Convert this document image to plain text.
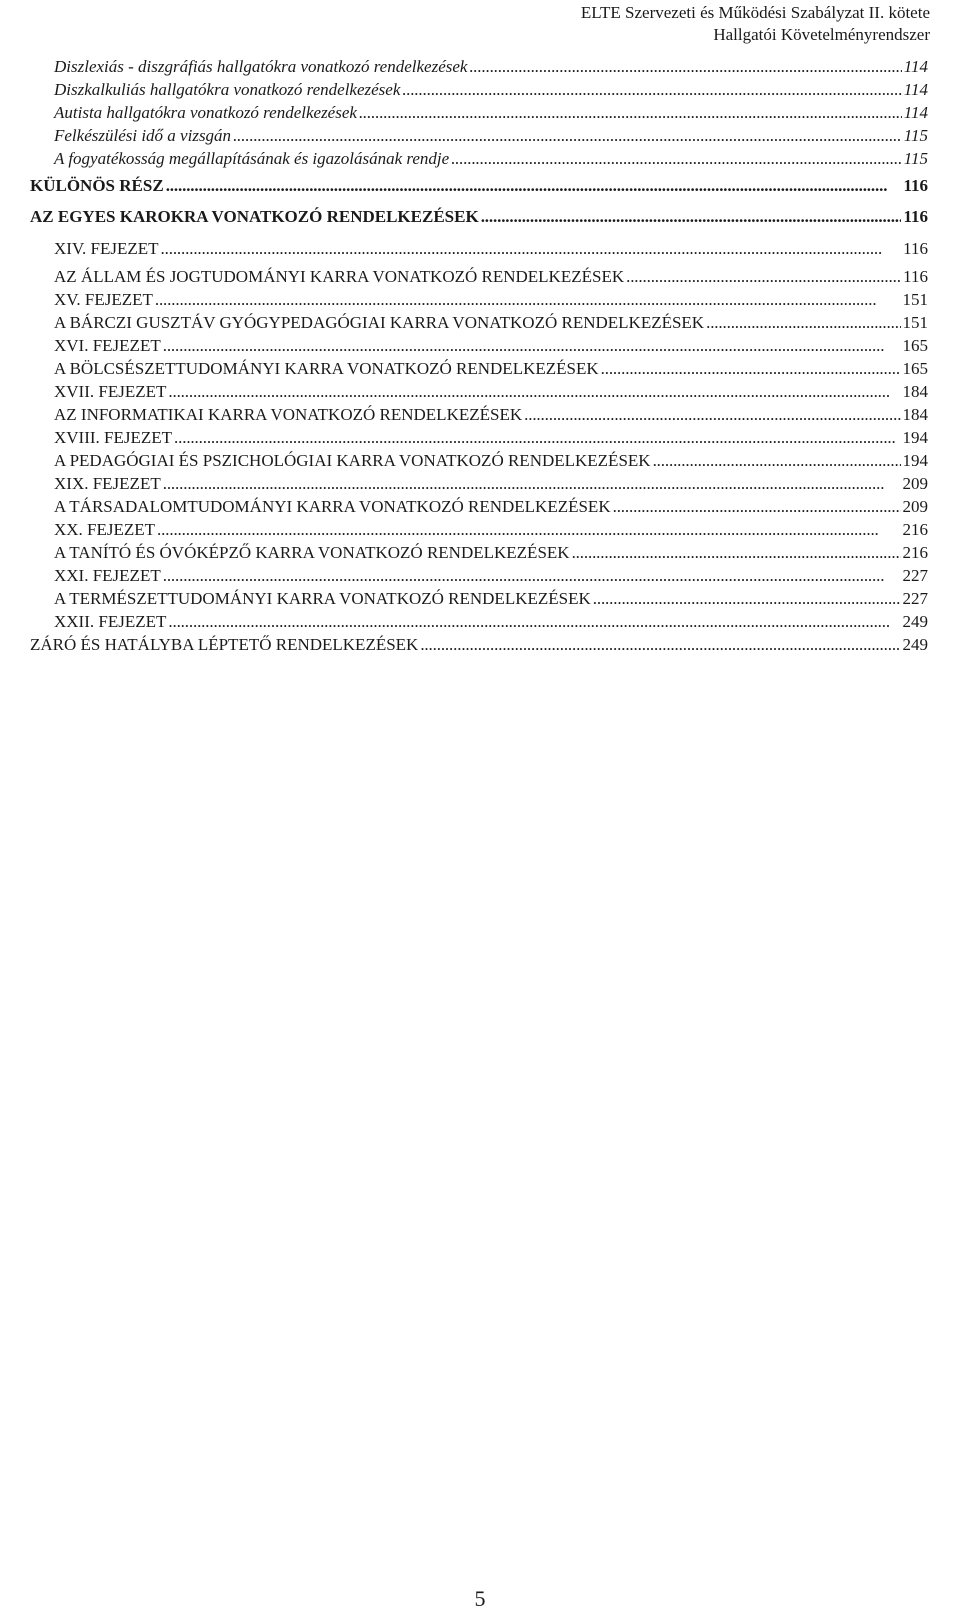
ELTE Szervezeti és Működési Szabályzat II. kötete
Hallgatói Követelményrendszer
Diszlexiás - diszgráfiás hallgatókra vonatkozó rendelkezések . . .	114
Diszkalkuliás hallgatókra vonatkozó rendelkezések . . .	114
Autista hallgatókra vonatkozó rendelkezések . . .	114
Felkészülési idő a vizsgán . . .	115
A fogyatékosság megállapításának és igazolásának rendje . . .	115
KÜLÖNÖS RÉSZ . . .	116
AZ EGYES KAROKRA VONATKOZÓ RENDELKEZÉSEK . . .	116
XIV. FEJEZET . . .	116
AZ ÁLLAM ÉS JOGTUDOMÁNYI KARRA VONATKOZÓ RENDELKEZÉSEK . . .	116
XV. FEJEZET . . .	151
A BÁRCZI GUSZTÁV GYÓGYPEDAGÓGIAI KARRA VONATKOZÓ RENDELKEZÉSEK . . .	151
XVI. FEJEZET . . .	165
A BÖLCSÉSZETTUDOMÁNYI KARRA VONATKOZÓ RENDELKEZÉSEK . . .	165
XVII. FEJEZET . . .	184
AZ INFORMATIKAI KARRA VONATKOZÓ RENDELKEZÉSEK . . .	184
XVIII. FEJEZET . . .	194
A PEDAGÓGIAI ÉS PSZICHOLÓGIAI KARRA VONATKOZÓ RENDELKEZÉSEK . . .	194
XIX. FEJEZET . . .	209
A TÁRSADALOMTUDOMÁNYI KARRA VONATKOZÓ RENDELKEZÉSEK . . .	209
XX. FEJEZET . . .	216
A TANÍTÓ ÉS ÓVÓKÉPZŐ KARRA VONATKOZÓ RENDELKEZÉSEK . . .	216
XXI. FEJEZET . . .	227
A TERMÉSZETTUDOMÁNYI KARRA VONATKOZÓ RENDELKEZÉSEK . . .	227
XXII. FEJEZET . . .	249
ZÁRÓ ÉS HATÁLYBA LÉPTETŐ RENDELKEZÉSEK . . .	249
5
